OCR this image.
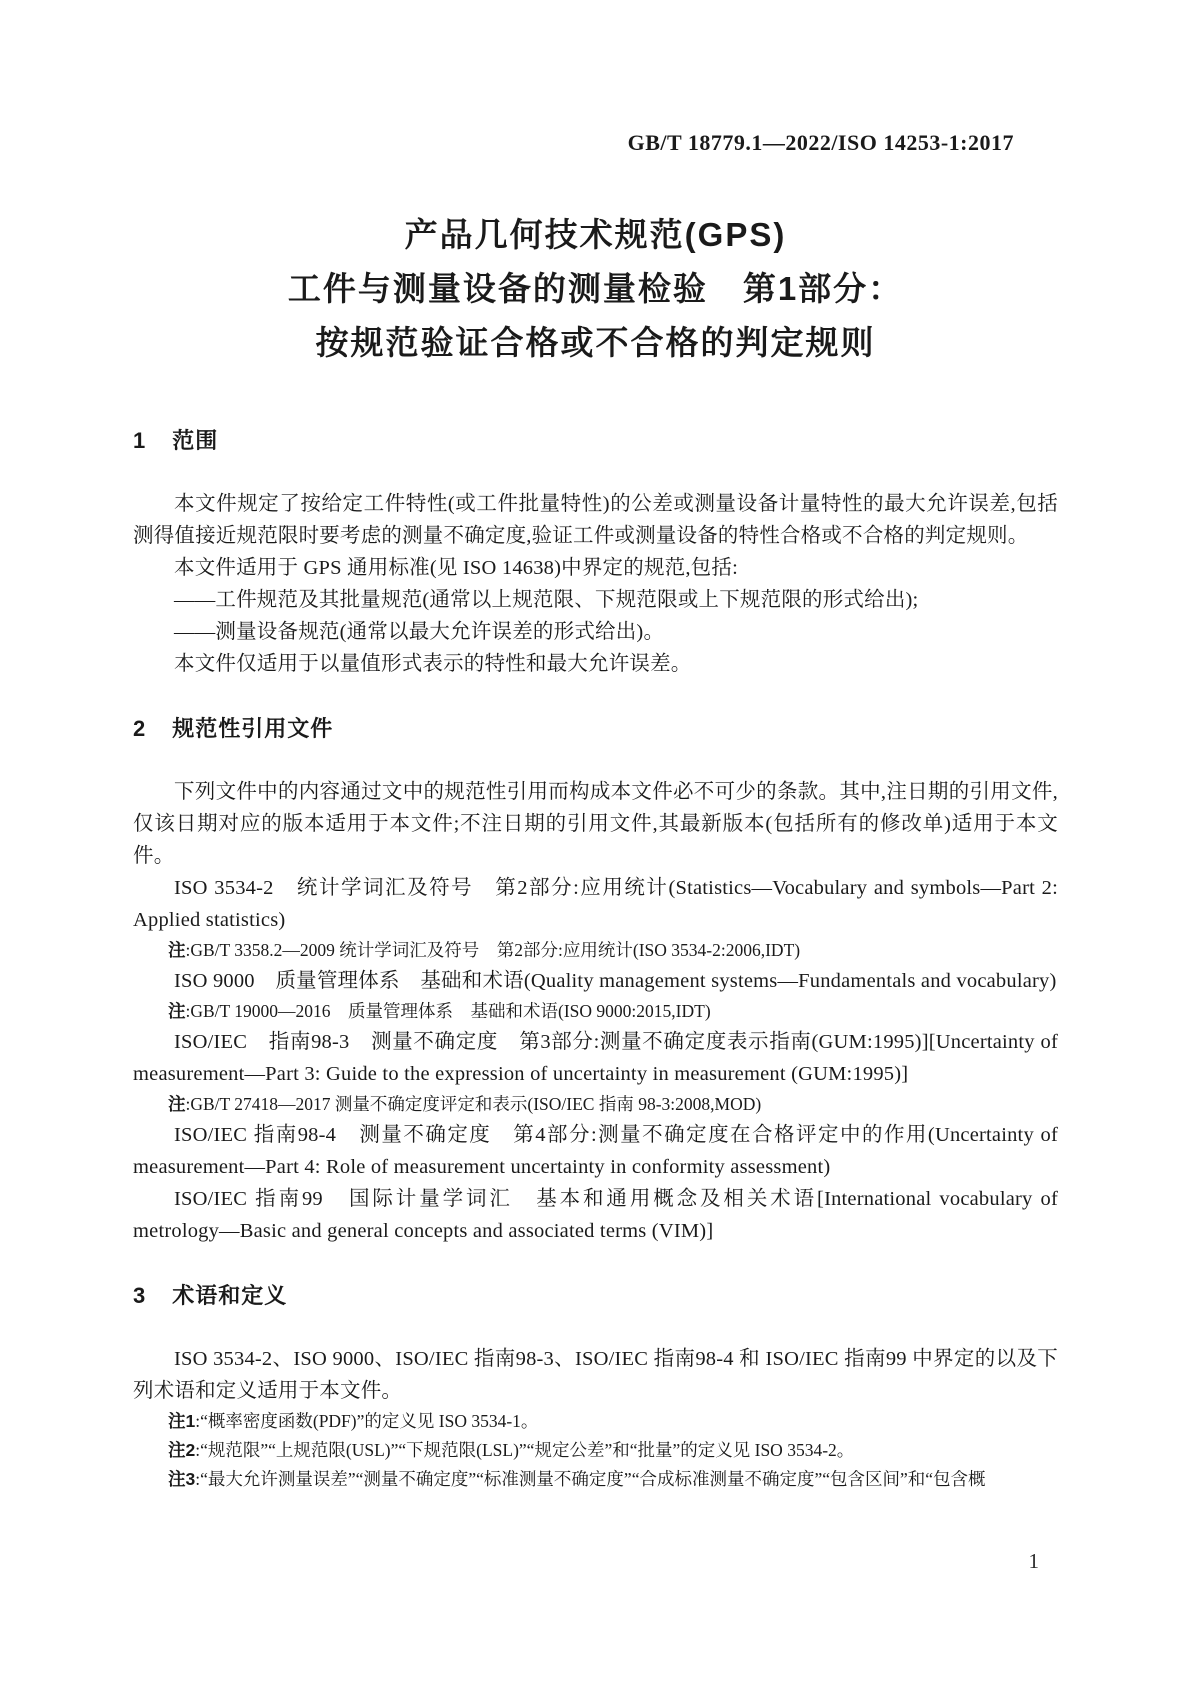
GB/T 18779.1—2022/ISO 14253-1:2017
产品几何技术规范(GPS)
工件与测量设备的测量检验　第1部分：
按规范验证合格或不合格的判定规则
1 范围

本文件规定了按给定工件特性(或工件批量特性)的公差或测量设备计量特性的最大允许误差,包括测得值接近规范限时要考虑的测量不确定度,验证工件或测量设备的特性合格或不合格的判定规则。

本文件适用于 GPS 通用标准(见 ISO 14638)中界定的规范,包括:

——工件规范及其批量规范(通常以上规范限、下规范限或上下规范限的形式给出);

——测量设备规范(通常以最大允许误差的形式给出)。

本文件仅适用于以量值形式表示的特性和最大允许误差。

2 规范性引用文件

下列文件中的内容通过文中的规范性引用而构成本文件必不可少的条款。其中,注日期的引用文件,仅该日期对应的版本适用于本文件;不注日期的引用文件,其最新版本(包括所有的修改单)适用于本文件。

ISO 3534-2　统计学词汇及符号　第2部分:应用统计(Statistics—Vocabulary and symbols—Part 2: Applied statistics)

注:GB/T 3358.2—2009 统计学词汇及符号　第2部分:应用统计(ISO 3534-2:2006,IDT)

ISO 9000　质量管理体系　基础和术语(Quality management systems—Fundamentals and vocabulary)

注:GB/T 19000—2016　质量管理体系　基础和术语(ISO 9000:2015,IDT)

ISO/IEC　指南98-3　测量不确定度　第3部分:测量不确定度表示指南(GUM:1995)][Uncertainty of measurement—Part 3: Guide to the expression of uncertainty in measurement (GUM:1995)]

注:GB/T 27418—2017 测量不确定度评定和表示(ISO/IEC 指南 98-3:2008,MOD)

ISO/IEC 指南98-4　测量不确定度　第4部分:测量不确定度在合格评定中的作用(Uncertainty of measurement—Part 4: Role of measurement uncertainty in conformity assessment)

ISO/IEC 指南99　国际计量学词汇　基本和通用概念及相关术语[International vocabulary of metrology—Basic and general concepts and associated terms (VIM)]

3 术语和定义

ISO 3534-2、ISO 9000、ISO/IEC 指南98-3、ISO/IEC 指南98-4 和 ISO/IEC 指南99 中界定的以及下列术语和定义适用于本文件。

注1:“概率密度函数(PDF)”的定义见 ISO 3534-1。

注2:“规范限”“上规范限(USL)”“下规范限(LSL)”“规定公差”和“批量”的定义见 ISO 3534-2。

注3:“最大允许测量误差”“测量不确定度”“标准测量不确定度”“合成标准测量不确定度”“包含区间”和“包含概

1
